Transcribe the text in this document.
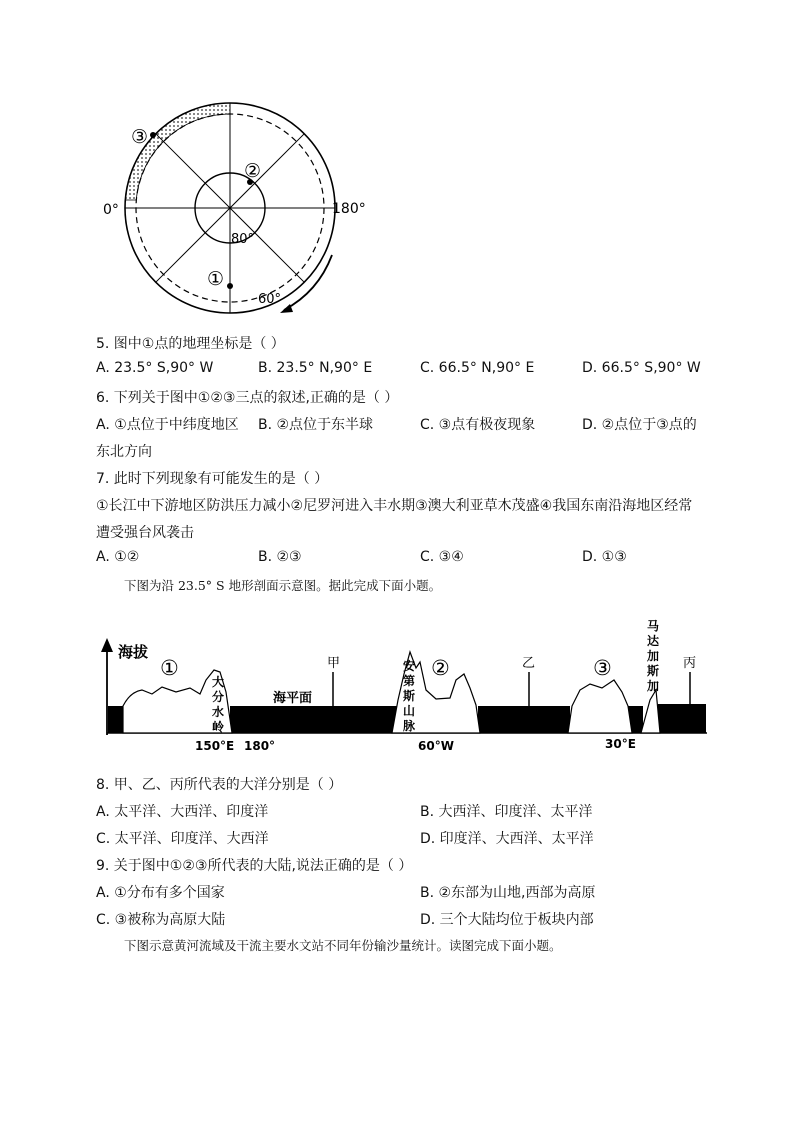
0°	180°
80°
60°
③
②
①
5. 图中①点的地理坐标是（ ）
A. 23.5° S,90° W	B. 23.5° N,90° E	C. 66.5° N,90° E	D. 66.5° S,90° W
6. 下列关于图中①②③三点的叙述,正确的是（ ）
A. ①点位于中纬度地区 B. ②点位于东半球	C. ③点有极夜现象	D. ②点位于③点的
东北方向
7. 此时下列现象有可能发生的是（ ）
①长江中下游地区防洪压力减小②尼罗河进入丰水期③澳大利亚草木茂盛④我国东南沿海地区经常
遭受强台风袭击
A. ①②	B. ②③	C. ③④	D. ①③
下图为沿 23.5° S 地形剖面示意图。据此完成下面小题。
海拔
①	②	③
甲	乙	丙
海平面
大
分
水
岭
安
第
斯
山
脉
马
达
加
斯
加
150°E 180°	60°W	30°E
8. 甲、乙、丙所代表的大洋分别是（ ）
A. 太平洋、大西洋、印度洋	B. 大西洋、印度洋、太平洋
C. 太平洋、印度洋、大西洋	D. 印度洋、大西洋、太平洋
9. 关于图中①②③所代表的大陆,说法正确的是（ ）
A. ①分布有多个国家	B. ②东部为山地,西部为高原
C. ③被称为高原大陆	D. 三个大陆均位于板块内部
下图示意黄河流域及干流主要水文站不同年份输沙量统计。读图完成下面小题。
